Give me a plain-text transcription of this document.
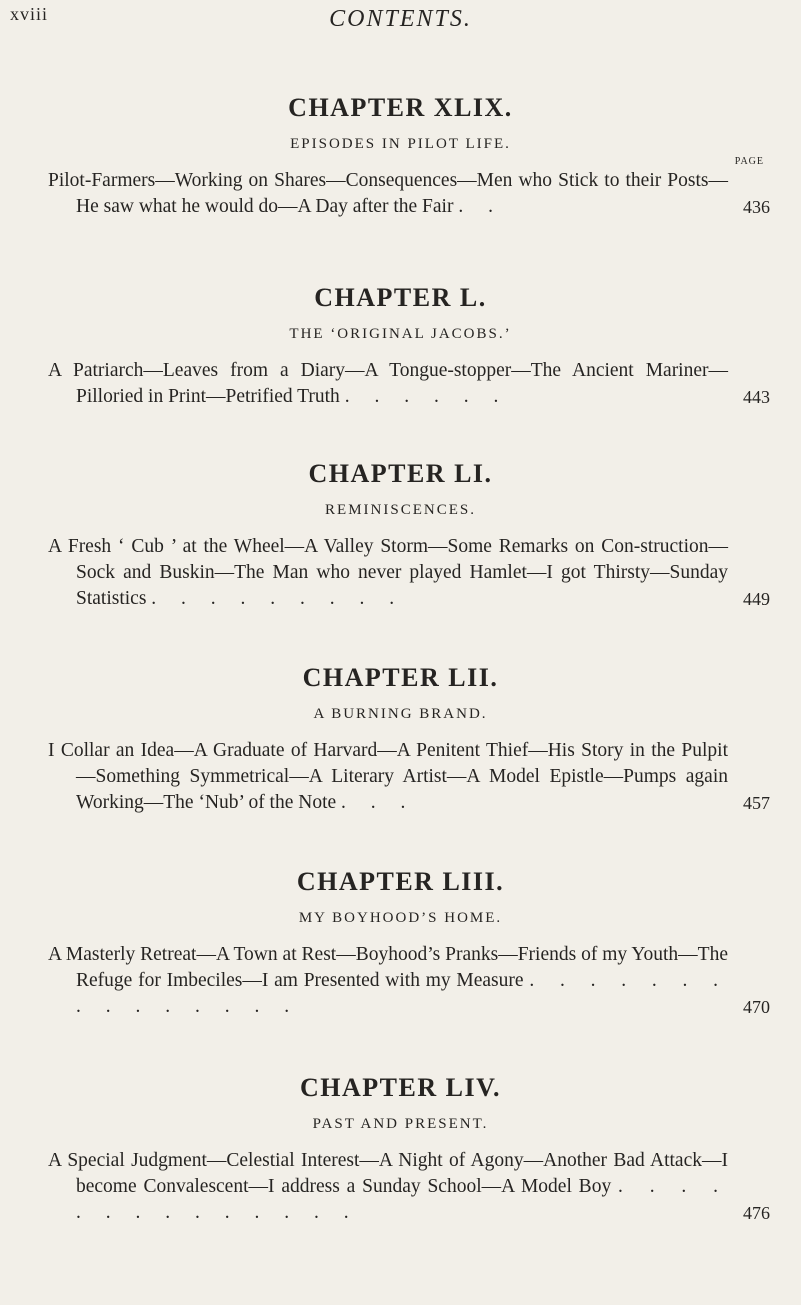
xviii	CONTENTS.
CHAPTER XLIX.

EPISODES IN PILOT LIFE.

PAGE

Pilot-Farmers—Working on Shares—Consequences—Men who Stick to their Posts—He saw what he would do—A Day after the Fair . .	436
CHAPTER L.

THE ‘ORIGINAL JACOBS.’

A Patriarch—Leaves from a Diary—A Tongue-stopper—The Ancient Mariner—Pilloried in Print—Petrified Truth . . . . . .	443
CHAPTER LI.

REMINISCENCES.

A Fresh ‘ Cub ’ at the Wheel—A Valley Storm—Some Remarks on Con-struction—Sock and Buskin—The Man who never played Hamlet—I got Thirsty—Sunday Statistics . . . . . . . . .	449
CHAPTER LII.

A BURNING BRAND.

I Collar an Idea—A Graduate of Harvard—A Penitent Thief—His Story in the Pulpit—Something Symmetrical—A Literary Artist—A Model Epistle—Pumps again Working—The ‘Nub’ of the Note . . .	457
CHAPTER LIII.

MY BOYHOOD’S HOME.

A Masterly Retreat—A Town at Rest—Boyhood’s Pranks—Friends of my Youth—The Refuge for Imbeciles—I am Presented with my Measure . . . . . . . . . . . . . . .	470
CHAPTER LIV.

PAST AND PRESENT.

A Special Judgment—Celestial Interest—A Night of Agony—Another Bad Attack—I become Convalescent—I address a Sunday School—A Model Boy . . . . . . . . . . . . . .	476
